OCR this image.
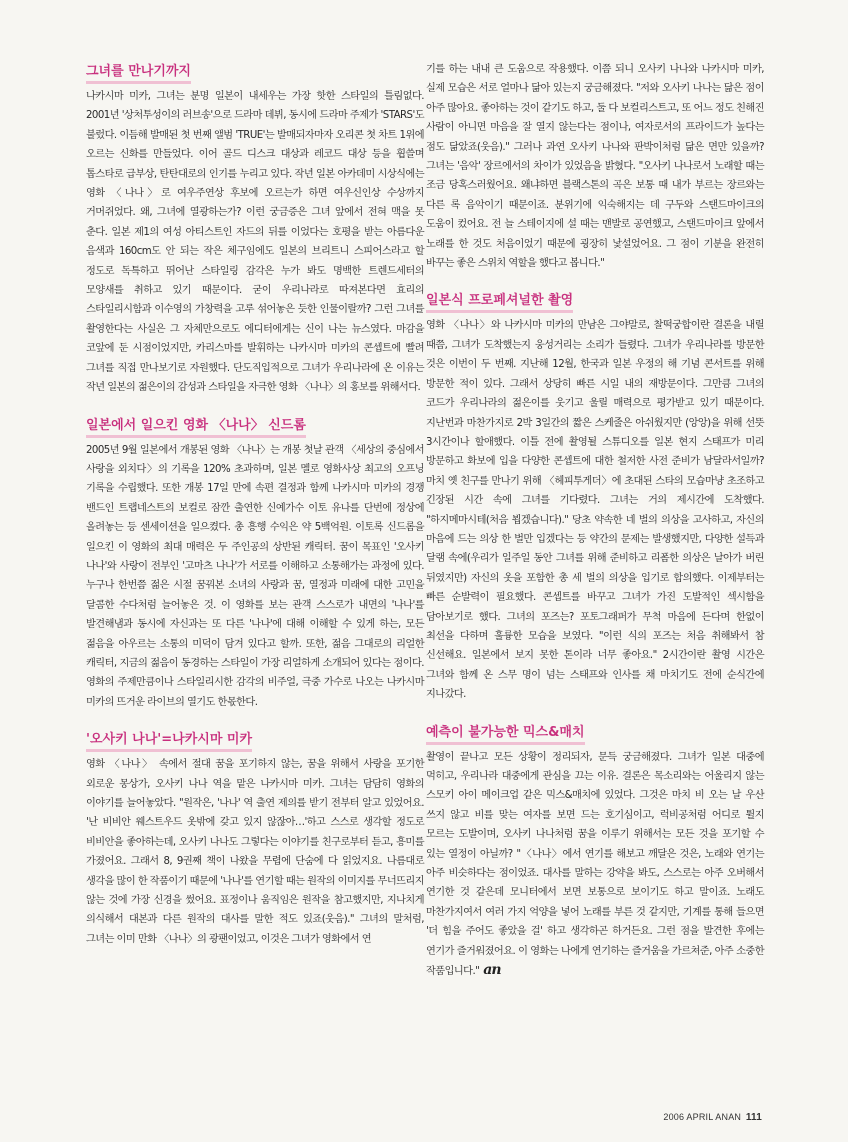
그녀를 만나기까지

나카시마 미카, 그녀는 분명 일본이 내세우는 가장 핫한 스타일의 틀림없다. 2001년 '상처투성이의 러브송'으로 드라마 데뷔, 동시에 드라마 주제가 'STARS'도 불렀다. 이듬해 발매된 첫 번째 앨범 'TRUE'는 발매되자마자 오리콘 첫 차트 1위에 오르는 신화를 만들었다. 이어 골드 디스크 대상과 레코드 대상 등을 휩쓸며 톱스타로 급부상, 탄탄대로의 인기를 누리고 있다. 작년 일본 아카데미 시상식에는 영화 〈나나〉로 여우주연상 후보에 오르는가 하면 여우신인상 수상까지 거머쥐었다. 왜, 그녀에 열광하는가? 이런 궁금증은 그녀 앞에서 전혀 맥을 못 춘다. 일본 제1의 여성 아티스트인 자드의 뒤를 이었다는 호평을 받는 아름다운 음색과 160cm도 안 되는 작은 체구임에도 일본의 브리트니 스피어스라고 할 정도로 독특하고 뛰어난 스타일링 감각은 누가 봐도 명백한 트렌드세터의 모양새를 취하고 있기 때문이다. 굳이 우리나라로 따져본다면 효리의 스타일리시함과 이수영의 가창력을 고루 섞어놓은 듯한 인물이랄까? 그런 그녀를 촬영한다는 사실은 그 자체만으로도 에디터에게는 신이 나는 뉴스였다. 마감을 코앞에 둔 시점이었지만, 카리스마를 발휘하는 나카시마 미카의 콘셉트에 빨려 그녀를 직접 만나보기로 자원했다. 단도직입적으로 그녀가 우리나라에 온 이유는 작년 일본의 젊은이의 감성과 스타일을 자극한 영화 〈나나〉의 홍보를 위해서다.

일본에서 일으킨 영화 〈나나〉 신드롬

2005년 9월 일본에서 개봉된 영화 〈나나〉는 개봉 첫날 관객 〈세상의 중심에서 사랑을 외치다〉의 기록을 120% 초과하며, 일본 멜로 영화사상 최고의 오프닝 기록을 수립했다. 또한 개봉 17일 만에 속편 결정과 함께 나카시마 미카의 경쟁 밴드인 트랩네스트의 보컬로 잠깐 출연한 신예가수 이토 유나를 단번에 정상에 올려놓는 등 센세이션을 일으켰다. 총 흥행 수익은 약 5백억원. 이토록 신드롬을 일으킨 이 영화의 최대 매력은 두 주인공의 상반된 캐릭터. 꿈이 목표인 '오사키 나나'와 사랑이 전부인 '고마츠 나나'가 서로를 이해하고 소통해가는 과정에 있다. 누구나 한번쯤 젊은 시절 꿈꿔본 소녀의 사랑과 꿈, 열정과 미래에 대한 고민을 달콤한 수다처럼 늘어놓은 것. 이 영화를 보는 관객 스스로가 내면의 '나나'를 발견해냄과 동시에 자신과는 또 다른 '나나'에 대해 이해할 수 있게 하는, 모든 젊음을 아우르는 소통의 미덕이 담겨 있다고 할까. 또한, 젊음 그대로의 리얼한 캐릭터, 지금의 젊음이 동경하는 스타일이 가장 리얼하게 소개되어 있다는 점이다. 영화의 주제만큼이나 스타일리시한 감각의 비주얼, 극중 가수로 나오는 나카시마 미카의 뜨거운 라이브의 열기도 한몫한다.

'오사키 나나'=나카시마 미카

영화 〈나나〉 속에서 절대 꿈을 포기하지 않는, 꿈을 위해서 사랑을 포기한 외로운 몽상가, 오사키 나나 역을 맡은 나카시마 미카. 그녀는 담담히 영화의 이야기를 늘어놓았다. "원작은, '나나' 역 출연 제의를 받기 전부터 알고 있었어요. '난 비비안 웨스트우드 옷밖에 갖고 있지 않잖아…'하고 스스로 생각할 정도로 비비안을 좋아하는데, 오사키 나나도 그렇다는 이야기를 친구로부터 듣고, 흥미를 가졌어요. 그래서 8, 9권째 책이 나왔을 무렵에 단숨에 다 읽었지요. 나름대로 생각을 많이 한 작품이기 때문에 '나나'를 연기할 때는 원작의 이미지를 무너뜨리지 않는 것에 가장 신경을 썼어요. 표정이나 움직임은 원작을 참고했지만, 지나치게 의식해서 대본과 다른 원작의 대사를 말한 적도 있죠(웃음)." 그녀의 말처럼, 그녀는 이미 만화 〈나나〉의 광팬이었고, 이것은 그녀가 영화에서 연

기를 하는 내내 큰 도움으로 작용했다. 이쯤 되니 오사키 나나와 나카시마 미카, 실제 모습은 서로 얼마나 닮아 있는지 궁금해졌다. "저와 오사키 나나는 닮은 점이 아주 많아요. 좋아하는 것이 같기도 하고, 둘 다 보컬리스트고, 또 어느 정도 친해진 사람이 아니면 마음을 잘 열지 않는다는 점이나, 여자로서의 프라이드가 높다는 점도 닮았죠(웃음)." 그러나 과연 오사키 나나와 판박이처럼 닮은 면만 있을까? 그녀는 '음악' 장르에서의 차이가 있었음을 밝혔다. "오사키 나나로서 노래할 때는 조금 당혹스러웠어요. 왜냐하면 블랙스톤의 곡은 보통 때 내가 부르는 장르와는 다른 록 음악이기 때문이죠. 분위기에 익숙해지는 데 구두와 스탠드마이크의 도움이 컸어요. 전 늘 스테이지에 설 때는 맨발로 공연했고, 스탠드마이크 앞에서 노래를 한 것도 처음이었기 때문에 굉장히 낯설었어요. 그 점이 기분을 완전히 바꾸는 좋은 스위치 역할을 했다고 봅니다."

일본식 프로페셔널한 촬영

영화 〈나나〉와 나카시마 미카의 만남은 그야말로, 찰떡궁합이란 결론을 내릴 때쯤, 그녀가 도착했는지 웅성거리는 소리가 들렸다. 그녀가 우리나라를 방문한 것은 이번이 두 번째. 지난해 12월, 한국과 일본 우정의 해 기념 콘서트를 위해 방문한 적이 있다. 그래서 상당히 빠른 시일 내의 재방문이다. 그만큼 그녀의 코드가 우리나라의 젊은이를 웃기고 울릴 매력으로 평가받고 있기 때문이다. 지난번과 마찬가지로 2박 3일간의 짧은 스케줄은 아쉬웠지만 (앙앙)을 위해 선뜻 3시간이나 할애했다. 이틀 전에 촬영될 스튜디오를 일본 현지 스태프가 미리 방문하고 화보에 입을 다양한 콘셉트에 대한 철저한 사전 준비가 남달라서일까? 마치 옛 친구를 만나기 위해 〈헤피투게더〉에 초대된 스타의 모습마냥 초조하고 긴장된 시간 속에 그녀를 기다렸다. 그녀는 거의 제시간에 도착했다. "하지메마시테(처음 뵙겠습니다)." 당초 약속한 네 벌의 의상을 고사하고, 자신의 마음에 드는 의상 한 벌만 입겠다는 등 약간의 문제는 발생했지만, 다양한 설득과 달램 속에(우리가 일주일 동안 그녀를 위해 준비하고 리폼한 의상은 날아가 버린 뒤였지만) 자신의 옷을 포함한 총 세 벌의 의상을 입기로 합의했다. 이제부터는 빠른 순발력이 필요했다. 콘셉트를 바꾸고 그녀가 가진 도발적인 섹시함을 담아보기로 했다. 그녀의 포즈는? 포토그래퍼가 무척 마음에 든다며 한없이 최선을 다하며 훌륭한 모습을 보였다. "이런 식의 포즈는 처음 취해봐서 참 신선해요. 일본에서 보지 못한 톤이라 너무 좋아요." 2시간이란 촬영 시간은 그녀와 함께 온 스무 명이 넘는 스태프와 인사를 채 마치기도 전에 순식간에 지나갔다.

예측이 불가능한 믹스&매치

촬영이 끝나고 모든 상황이 정리되자, 문득 궁금해졌다. 그녀가 일본 대중에 먹히고, 우리나라 대중에게 관심을 끄는 이유. 결론은 목소리와는 어울리지 않는 스모키 아이 메이크업 같은 믹스&매치에 있었다. 그것은 마치 비 오는 날 우산 쓰지 않고 비를 맞는 여자를 보면 드는 호기심이고, 럭비공처럼 어디로 튈지 모르는 도발이며, 오사키 나나처럼 꿈을 이루기 위해서는 모든 것을 포기할 수 있는 열정이 아닐까? "〈나나〉에서 연기를 해보고 깨달은 것은, 노래와 연기는 아주 비슷하다는 점이었죠. 대사를 말하는 강약을 봐도, 스스로는 아주 오버해서 연기한 것 같은데 모니터에서 보면 보통으로 보이기도 하고 말이죠. 노래도 마찬가지여서 여러 가지 억양을 넣어 노래를 부른 것 같지만, 기계를 통해 들으면 '더 힘을 주어도 좋았을 걸' 하고 생각하곤 하거든요. 그런 점을 발견한 후에는 연기가 즐거워졌어요. 이 영화는 나에게 연기하는 즐거움을 가르쳐준, 아주 소중한 작품입니다." an

2006 APRIL ANAN 111
